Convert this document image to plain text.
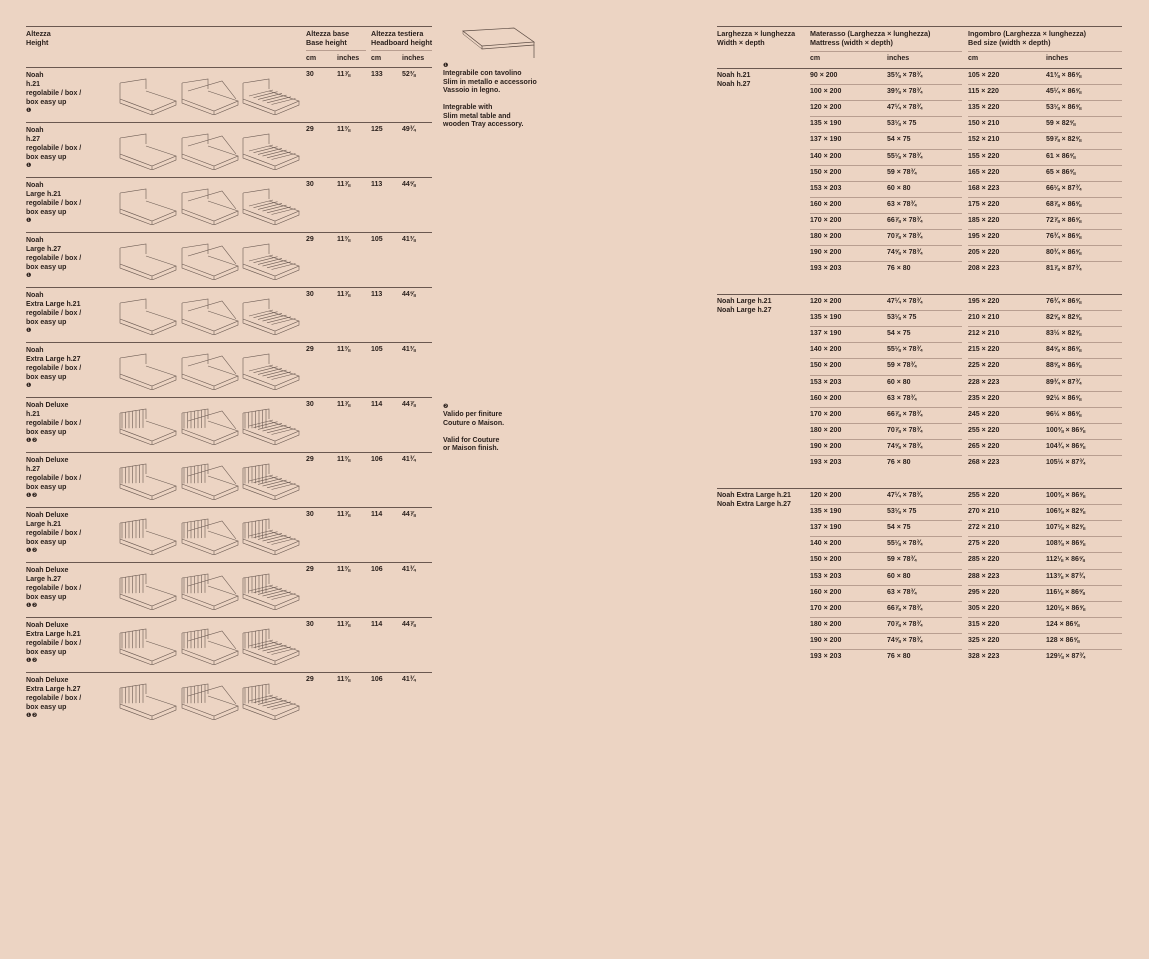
Altezza
Height
Altezza base
Base height
Altezza testiera
Headboard height
cm	inches cm	inches
Noah
h.21
regolabile / box /
box easy up
❶
30	11⅞	133	52⅜
Noah
h.27
regolabile / box /
box easy up
❶
29	11⅜	125	49¾
Noah
Large h.21
regolabile / box /
box easy up
❶
30	11⅞	113	44⅝
Noah
Large h.27
regolabile / box /
box easy up
❶
29	11⅜	105	41⅜
Noah
Extra Large h.21
regolabile / box /
box easy up
❶
30	11⅞	113	44⅝
Noah
Extra Large h.27
regolabile / box /
box easy up
❶
29	11⅜	105	41⅜
Noah Deluxe
h.21
regolabile / box /
box easy up
❶❷
30	11⅞	114	44⅞
Noah Deluxe
h.27
regolabile / box /
box easy up
❶❷
29	11⅜	106	41¾
Noah Deluxe
Large h.21
regolabile / box /
box easy up
❶❷
30	11⅞	114	44⅞
Noah Deluxe
Large h.27
regolabile / box /
box easy up
❶❷
29	11⅜	106	41¾
Noah Deluxe
Extra Large h.21
regolabile / box /
box easy up
❶❷
30	11⅞	114	44⅞
Noah Deluxe
Extra Large h.27
regolabile / box /
box easy up
❶❷
29	11⅜	106	41¾
❶
Integrabile con tavolino
Slim in metallo e accessorio
Vassoio in legno.

Integrable with
Slim metal table and
wooden Tray accessory.
❷
Valido per finiture
Couture o Maison.

Valid for Couture
or Maison finish.
Larghezza × lunghezza
Width × depth
Materasso (Larghezza × lunghezza)
Mattress (width × depth)
Ingombro (Larghezza × lunghezza)
Bed size (width × depth)
cm	inches	cm	inches
Noah h.21
Noah h.27
90 × 200	35⅜ × 78¾	105 × 220	41⅜ × 86⅝
100 × 200	39⅜ × 78¾	115 × 220	45¼ × 86⅝
120 × 200	47¼ × 78¾	135 × 220	53⅛ × 86⅝
135 × 190	53⅛ × 75	150 × 210	59 × 82⅝
137 × 190	54 × 75	152 × 210	59⅞ × 82⅝
140 × 200	55⅛ × 78¾	155 × 220	61 × 86⅝
150 × 200	59 × 78¾	165 × 220	65 × 86⅝
153 × 203	60 × 80	168 × 223	66⅛ × 87¾
160 × 200	63 × 78¾	175 × 220	68⅞ × 86⅝
170 × 200	66⅞ × 78¾	185 × 220	72⅞ × 86⅝
180 × 200	70⅞ × 78¾	195 × 220	76¾ × 86⅝
190 × 200	74⅝ × 78¾	205 × 220	80¾ × 86⅝
193 × 203	76 × 80	208 × 223	81⅞ × 87¾
Noah Large h.21
Noah Large h.27
120 × 200	47¼ × 78¾	195 × 220	76¾ × 86⅝
135 × 190	53⅛ × 75	210 × 210	82⅝ × 82⅝
137 × 190	54 × 75	212 × 210	83½ × 82⅝
140 × 200	55⅛ × 78¾	215 × 220	84⅝ × 86⅝
150 × 200	59 × 78¾	225 × 220	88⅝ × 86⅝
153 × 203	60 × 80	228 × 223	89¾ × 87¾
160 × 200	63 × 78¾	235 × 220	92½ × 86⅝
170 × 200	66⅞ × 78¾	245 × 220	96½ × 86⅝
180 × 200	70⅞ × 78¾	255 × 220	100⅜ × 86⅝
190 × 200	74⅝ × 78¾	265 × 220	104¾ × 86⅝
193 × 203	76 × 80	268 × 223	105½ × 87¾
Noah Extra Large h.21
Noah Extra Large h.27
120 × 200	47¼ × 78¾	255 × 220	100⅜ × 86⅝
135 × 190	53⅛ × 75	270 × 210	106⅜ × 82⅝
137 × 190	54 × 75	272 × 210	107⅛ × 82⅝
140 × 200	55⅛ × 78¾	275 × 220	108⅜ × 86⅝
150 × 200	59 × 78¾	285 × 220	112⅛ × 86⅝
153 × 203	60 × 80	288 × 223	113⅜ × 87¾
160 × 200	63 × 78¾	295 × 220	116⅛ × 86⅝
170 × 200	66⅞ × 78¾	305 × 220	120⅛ × 86⅝
180 × 200	70⅞ × 78¾	315 × 220	124 × 86⅝
190 × 200	74⅝ × 78¾	325 × 220	128 × 86⅝
193 × 203	76 × 80	328 × 223	129⅛ × 87¾
